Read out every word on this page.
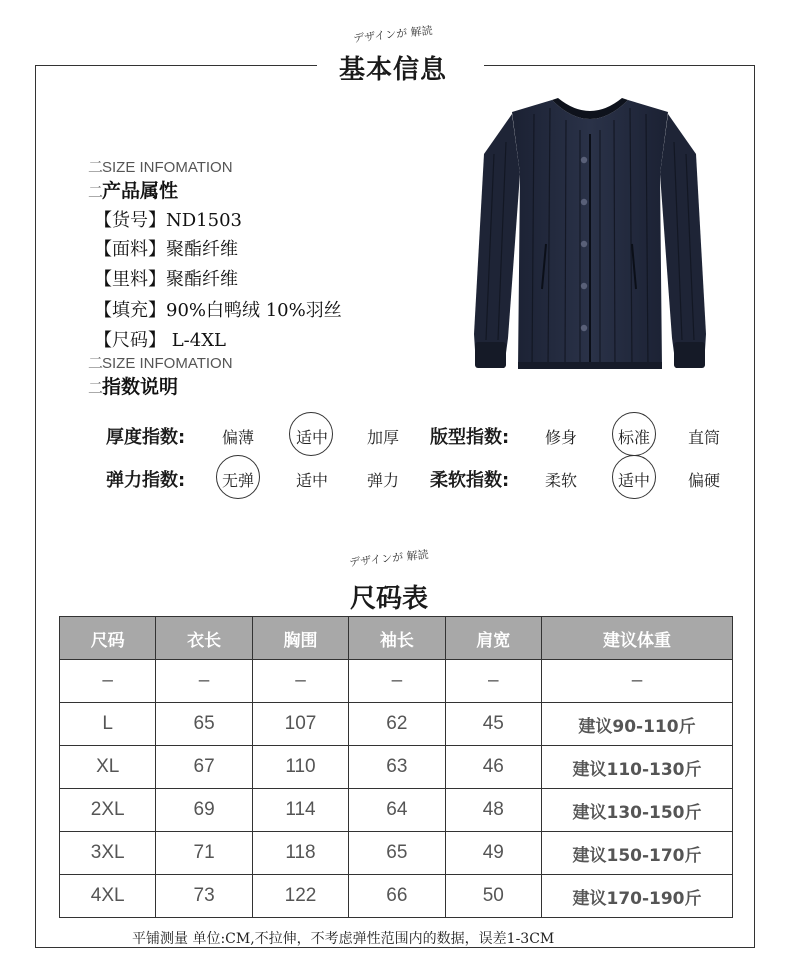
デザインが 解読
基本信息
二SIZE INFOMATION
二产品属性
【货号】ND1503
【面料】聚酯纤维
【里料】聚酯纤维
【填充】90%白鸭绒 10%羽丝
【尺码】 L-4XL
二SIZE INFOMATION
二指数说明
厚度指数:	偏薄	适中	加厚	版型指数:	修身	标准	直筒
弹力指数:	无弹	适中	弹力	柔软指数:	柔软	适中	偏硬
デザインが 解読
尺码表
尺码	衣长	胸围	袖长	肩宽	建议体重
–	–	–	–	–	–
L	65	107	62	45	建议90-110斤
XL	67	110	63	46	建议110-130斤
2XL	69	114	64	48	建议130-150斤
3XL	71	118	65	49	建议150-170斤
4XL	73	122	66	50	建议170-190斤
平铺测量 单位:CM,不拉伸，不考虑弹性范围内的数据，误差1-3CM
